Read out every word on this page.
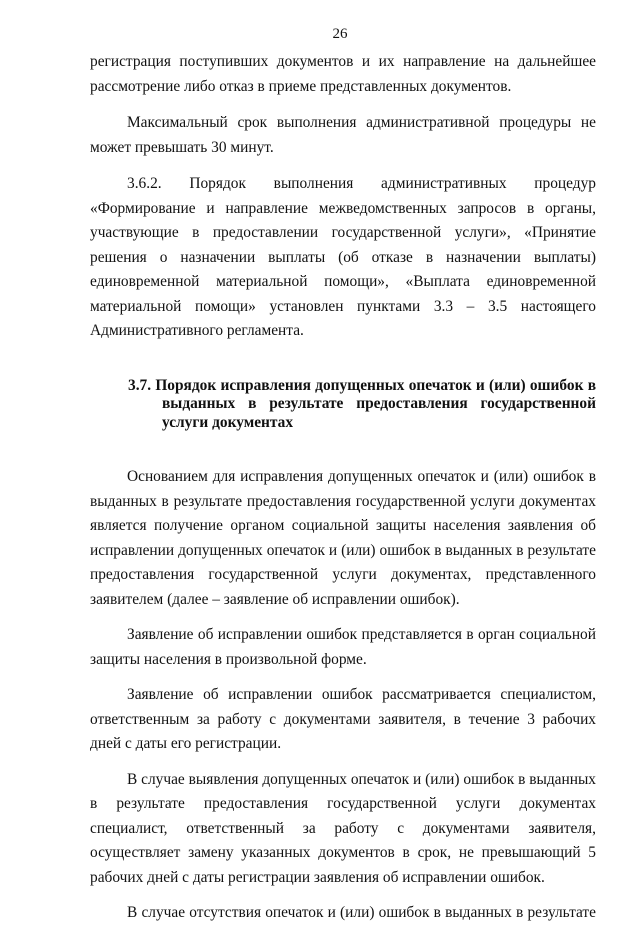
26

регистрация поступивших документов и их направление на дальнейшее рассмотрение либо отказ в приеме представленных документов.

Максимальный срок выполнения административной процедуры не может превышать 30 минут.

3.6.2. Порядок выполнения административных процедур «Формирование и направление межведомственных запросов в органы, участвующие в предоставлении государственной услуги», «Принятие решения о назначении выплаты (об отказе в назначении выплаты) единовременной материальной помощи», «Выплата единовременной материальной помощи» установлен пунктами 3.3 – 3.5 настоящего Административного регламента.

3.7. Порядок исправления допущенных опечаток и (или) ошибок в выданных в результате предоставления государственной услуги документах

Основанием для исправления допущенных опечаток и (или) ошибок в выданных в результате предоставления государственной услуги документах является получение органом социальной защиты населения заявления об исправлении допущенных опечаток и (или) ошибок в выданных в результате предоставления государственной услуги документах, представленного заявителем (далее – заявление об исправлении ошибок).

Заявление об исправлении ошибок представляется в орган социальной защиты населения в произвольной форме.

Заявление об исправлении ошибок рассматривается специалистом, ответственным за работу с документами заявителя, в течение 3 рабочих дней с даты его регистрации.

В случае выявления допущенных опечаток и (или) ошибок в выданных в результате предоставления государственной услуги документах специалист, ответственный за работу с документами заявителя, осуществляет замену указанных документов в срок, не превышающий 5 рабочих дней с даты регистрации заявления об исправлении ошибок.

В случае отсутствия опечаток и (или) ошибок в выданных в результате
